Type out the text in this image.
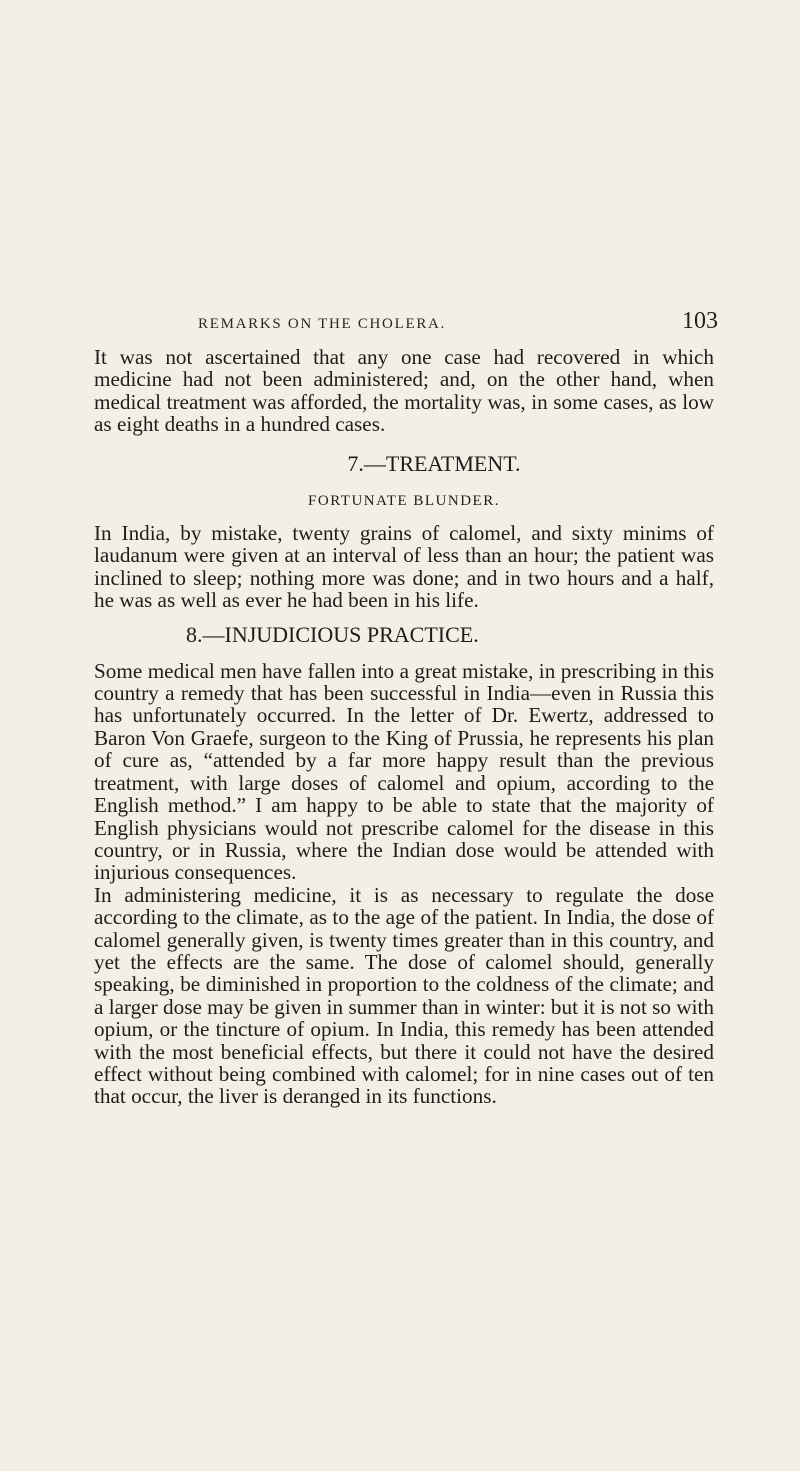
REMARKS ON THE CHOLERA.	103

It was not ascertained that any one case had recovered in which medicine had not been administered; and, on the other hand, when medical treatment was afforded, the mortality was, in some cases, as low as eight deaths in a hundred cases.

7.—TREATMENT.
FORTUNATE BLUNDER.

In India, by mistake, twenty grains of calomel, and sixty minims of laudanum were given at an interval of less than an hour; the patient was inclined to sleep; nothing more was done; and in two hours and a half, he was as well as ever he had been in his life.

8.—INJUDICIOUS PRACTICE.

Some medical men have fallen into a great mistake, in prescribing in this country a remedy that has been successful in India—even in Russia this has unfortunately occurred. In the letter of Dr. Ewertz, addressed to Baron Von Graefe, surgeon to the King of Prussia, he represents his plan of cure as, “attended by a far more happy result than the previous treatment, with large doses of calomel and opium, according to the English method.” I am happy to be able to state that the majority of English physicians would not prescribe calomel for the disease in this country, or in Russia, where the Indian dose would be attended with injurious consequences.

In administering medicine, it is as necessary to regulate the dose according to the climate, as to the age of the patient. In India, the dose of calomel generally given, is twenty times greater than in this country, and yet the effects are the same. The dose of calomel should, generally speaking, be diminished in proportion to the coldness of the climate; and a larger dose may be given in summer than in winter: but it is not so with opium, or the tincture of opium. In India, this remedy has been attended with the most beneficial effects, but there it could not have the desired effect without being combined with calomel; for in nine cases out of ten that occur, the liver is deranged in its functions.
